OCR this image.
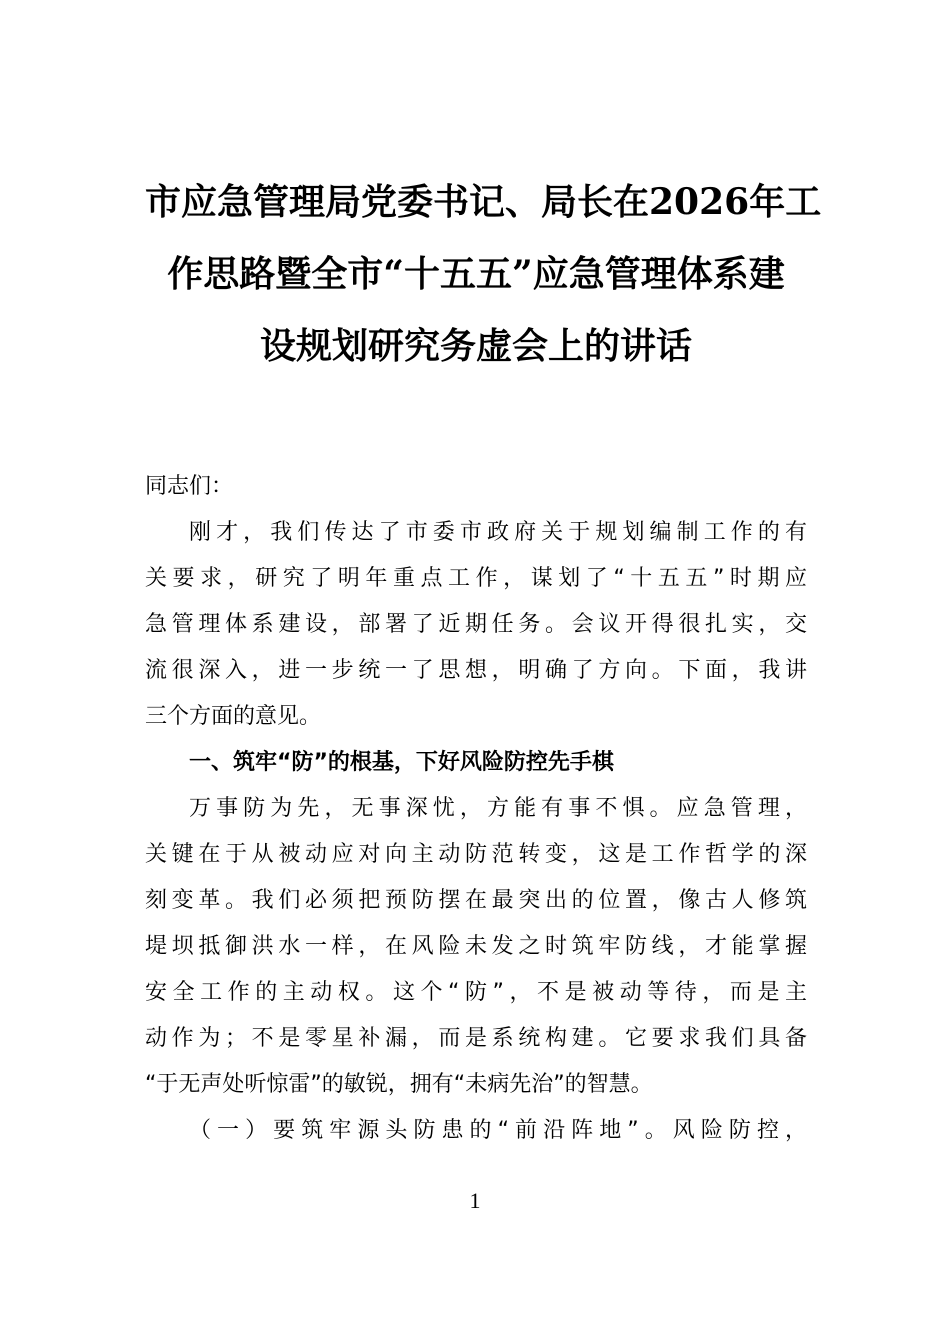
市应急管理局党委书记、局长在2026年工
作思路暨全市“十五五”应急管理体系建
设规划研究务虚会上的讲话
同志们：
刚才，我们传达了市委市政府关于规划编制工作的有
关要求，研究了明年重点工作，谋划了“十五五”时期应
急管理体系建设，部署了近期任务。会议开得很扎实，交
流很深入，进一步统一了思想，明确了方向。下面，我讲
三个方面的意见。
一、筑牢“防”的根基，下好风险防控先手棋
万事防为先，无事深忧，方能有事不惧。应急管理，
关键在于从被动应对向主动防范转变，这是工作哲学的深
刻变革。我们必须把预防摆在最突出的位置，像古人修筑
堤坝抵御洪水一样，在风险未发之时筑牢防线，才能掌握
安全工作的主动权。这个“防”，不是被动等待，而是主
动作为；不是零星补漏，而是系统构建。它要求我们具备
“于无声处听惊雷”的敏锐，拥有“未病先治”的智慧。
（一）要筑牢源头防患的“前沿阵地”。风险防控，
1
